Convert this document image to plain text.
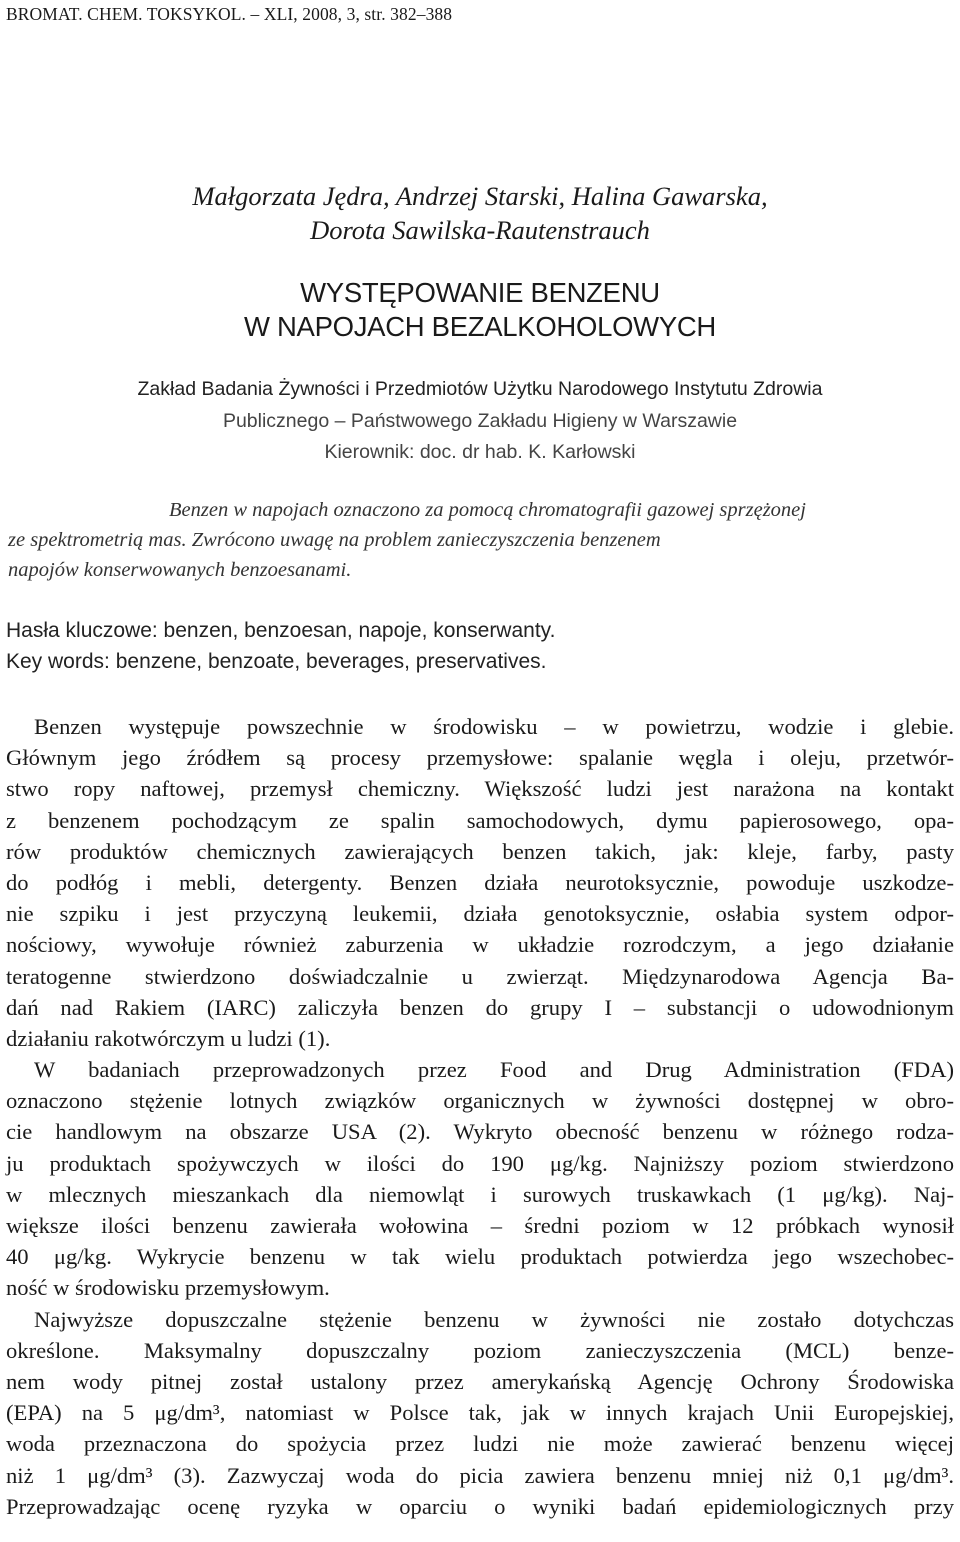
BROMAT. CHEM. TOKSYKOL. – XLI, 2008, 3, str. 382–388
Małgorzata Jędra, Andrzej Starski, Halina Gawarska,
Dorota Sawilska-Rautenstrauch
WYSTĘPOWANIE BENZENU
W NAPOJACH BEZALKOHOLOWYCH
Zakład Badania Żywności i Przedmiotów Użytku Narodowego Instytutu Zdrowia
Publicznego – Państwowego Zakładu Higieny w Warszawie
Kierownik: doc. dr hab. K. Karłowski
Benzen w napojach oznaczono za pomocą chromatografii gazowej sprzężonej
ze spektrometrią mas. Zwrócono uwagę na problem zanieczyszczenia benzenem
napojów konserwowanych benzoesanami.
Hasła kluczowe: benzen, benzoesan, napoje, konserwanty.
Key words: benzene, benzoate, beverages, preservatives.
Benzen występuje powszechnie w środowisku – w powietrzu, wodzie i glebie.
Głównym jego źródłem są procesy przemysłowe: spalanie węgla i oleju, przetwór-
stwo ropy naftowej, przemysł chemiczny. Większość ludzi jest narażona na kontakt
z benzenem pochodzącym ze spalin samochodowych, dymu papierosowego, opa-
rów produktów chemicznych zawierających benzen takich, jak: kleje, farby, pasty
do podłóg i mebli, detergenty. Benzen działa neurotoksycznie, powoduje uszkodze-
nie szpiku i jest przyczyną leukemii, działa genotoksycznie, osłabia system odpor-
nościowy, wywołuje również zaburzenia w układzie rozrodczym, a jego działanie
teratogenne stwierdzono doświadczalnie u zwierząt. Międzynarodowa Agencja Ba-
dań nad Rakiem (IARC) zaliczyła benzen do grupy I – substancji o udowodnionym
działaniu rakotwórczym u ludzi (1).
W badaniach przeprowadzonych przez Food and Drug Administration (FDA)
oznaczono stężenie lotnych związków organicznych w żywności dostępnej w obro-
cie handlowym na obszarze USA (2). Wykryto obecność benzenu w różnego rodza-
ju produktach spożywczych w ilości do 190 μg/kg. Najniższy poziom stwierdzono
w mlecznych mieszankach dla niemowląt i surowych truskawkach (1 μg/kg). Naj-
większe ilości benzenu zawierała wołowina – średni poziom w 12 próbkach wynosił
40 μg/kg. Wykrycie benzenu w tak wielu produktach potwierdza jego wszechobec-
ność w środowisku przemysłowym.
Najwyższe dopuszczalne stężenie benzenu w żywności nie zostało dotychczas
określone. Maksymalny dopuszczalny poziom zanieczyszczenia (MCL) benze-
nem wody pitnej został ustalony przez amerykańską Agencję Ochrony Środowiska
(EPA) na 5 μg/dm³, natomiast w Polsce tak, jak w innych krajach Unii Europejskiej,
woda przeznaczona do spożycia przez ludzi nie może zawierać benzenu więcej
niż 1 μg/dm³ (3). Zazwyczaj woda do picia zawiera benzenu mniej niż 0,1 μg/dm³.
Przeprowadzając ocenę ryzyka w oparciu o wyniki badań epidemiologicznych przy
